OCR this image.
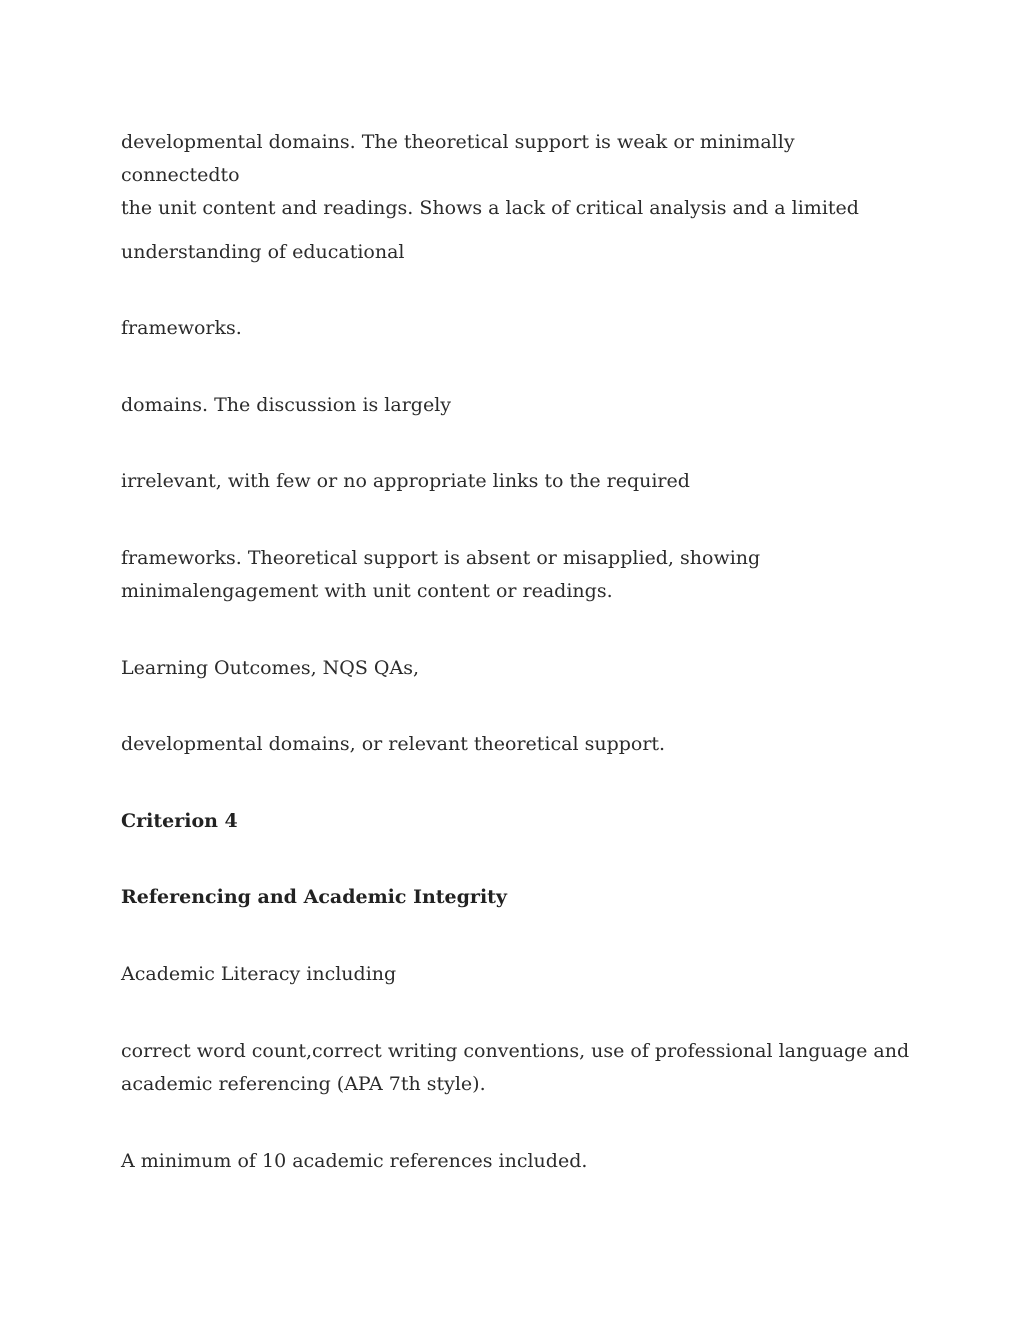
developmental domains. The theoretical support is weak or minimally connectedto
the unit content and readings. Shows a lack of critical analysis and a limited

understanding of educational

frameworks.

domains. The discussion is largely

irrelevant, with few or no appropriate links to the required

frameworks. Theoretical support is absent or misapplied, showing
minimalengagement with unit content or readings.

Learning Outcomes, NQS QAs,

developmental domains, or relevant theoretical support.

Criterion 4

Referencing and Academic Integrity

Academic Literacy including

correct word count,correct writing conventions, use of professional language and
academic referencing (APA 7th style).

A minimum of 10 academic references included.
